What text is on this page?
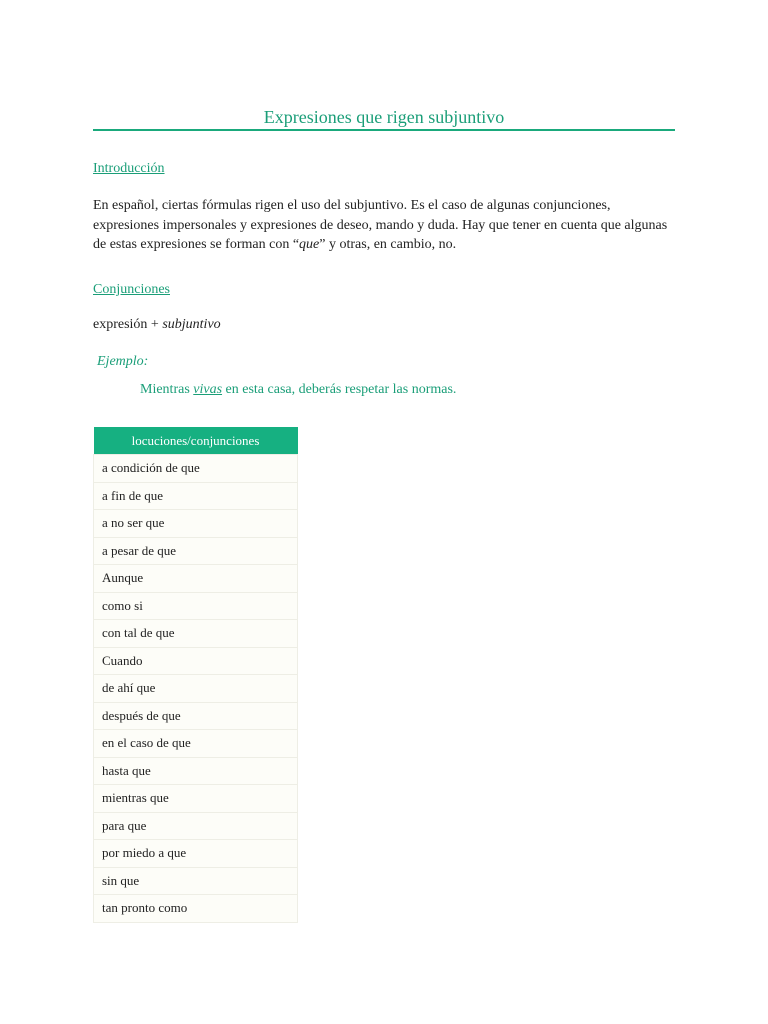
Expresiones que rigen subjuntivo
Introducción
En español, ciertas fórmulas rigen el uso del subjuntivo. Es el caso de algunas conjunciones, expresiones impersonales y expresiones de deseo, mando y duda. Hay que tener en cuenta que algunas de estas expresiones se forman con “que” y otras, en cambio, no.
Conjunciones
expresión + subjuntivo
Ejemplo:
Mientras vivas en esta casa, deberás respetar las normas.
locuciones/conjunciones
a condición de que
a fin de que
a no ser que
a pesar de que
Aunque
como si
con tal de que
Cuando
de ahí que
después de que
en el caso de que
hasta que
mientras que
para que
por miedo a que
sin que
tan pronto como
